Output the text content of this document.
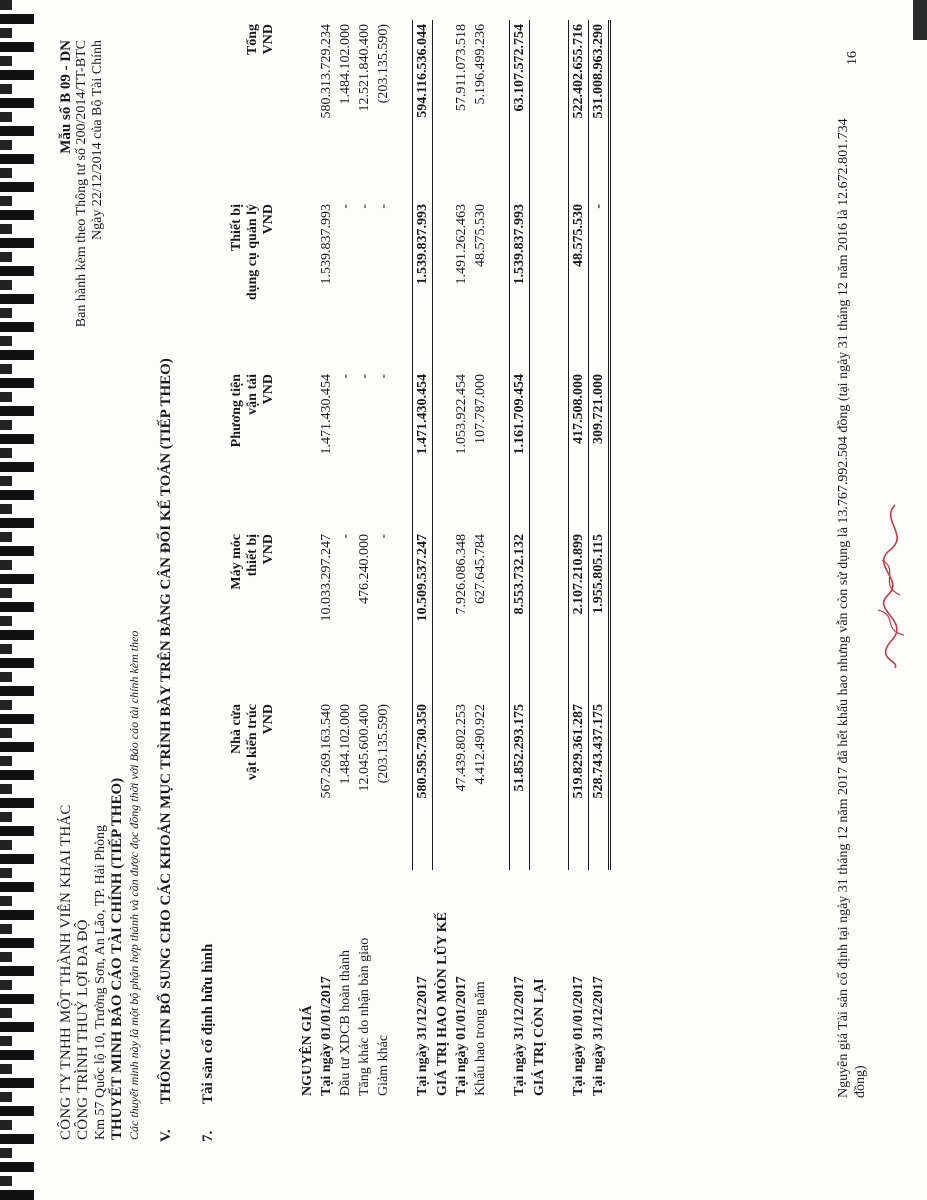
CÔNG TY TNHH MỘT THÀNH VIÊN KHAI THÁC CÔNG TRÌNH THUỶ LỢI ĐA ĐỘ Km 57 Quốc lộ 10, Trường Sơn, An Lão, TP. Hải Phòng THUYẾT MINH BÁO CÁO TÀI CHÍNH (TIẾP THEO) Các thuyết minh này là một bộ phận hợp thành và cần được đọc đồng thời với Báo cáo tài chính kèm theo
Mẫu số B 09 - DN Ban hành kèm theo Thông tư số 200/2014/TT-BTC Ngày 22/12/2014 của Bộ Tài Chính
V.THÔNG TIN BỔ SUNG CHO CÁC KHOẢN MỤC TRÌNH BÀY TRÊN BẢNG CÂN ĐỐI KẾ TOÁN (TIẾP THEO)
7.Tài sản cố định hữu hình
	Nhà cửa
vật kiến trúc
VND	Máy móc
thiết bị
VND	Phương tiện
vận tải
VND	Thiết bị
dụng cụ quản lý
VND	Tổng
VND

NGUYÊN GIÁ					
Tại ngày 01/01/2017	567.269.163.540	10.033.297.247	1.471.430.454	1.539.837.993	580.313.729.234
Đầu tư XDCB hoàn thành	1.484.102.000	-	-	-	1.484.102.000
Tăng khác do nhận bàn giao	12.045.600.400	476.240.000	-	-	12.521.840.400
Giảm khác	(203.135.590)	-	-	-	(203.135.590)

Tại ngày 31/12/2017	580.595.730.350	10.509.537.247	1.471.430.454	1.539.837.993	594.116.536.044
GIÁ TRỊ HAO MÒN LŨY KẾ					
Tại ngày 01/01/2017	47.439.802.253	7.926.086.348	1.053.922.454	1.491.262.463	57.911.073.518
Khấu hao trong năm	4.412.490.922	627.645.784	107.787.000	48.575.530	5.196.499.236

Tại ngày 31/12/2017	51.852.293.175	8.553.732.132	1.161.709.454	1.539.837.993	63.107.572.754
GIÁ TRỊ CÒN LẠI					

Tại ngày 01/01/2017	519.829.361.287	2.107.210.899	417.508.000	48.575.530	522.402.655.716
Tại ngày 31/12/2017	528.743.437.175	1.955.805.115	309.721.000	-	531.008.963.290
Nguyên giá Tài sản cố định tại ngày 31 tháng 12 năm 2017 đã hết khấu hao nhưng vẫn còn sử dụng là 13.767.992.504 đồng (tại ngày 31 tháng 12 năm 2016 là 12.672.801.734 đồng)
16
